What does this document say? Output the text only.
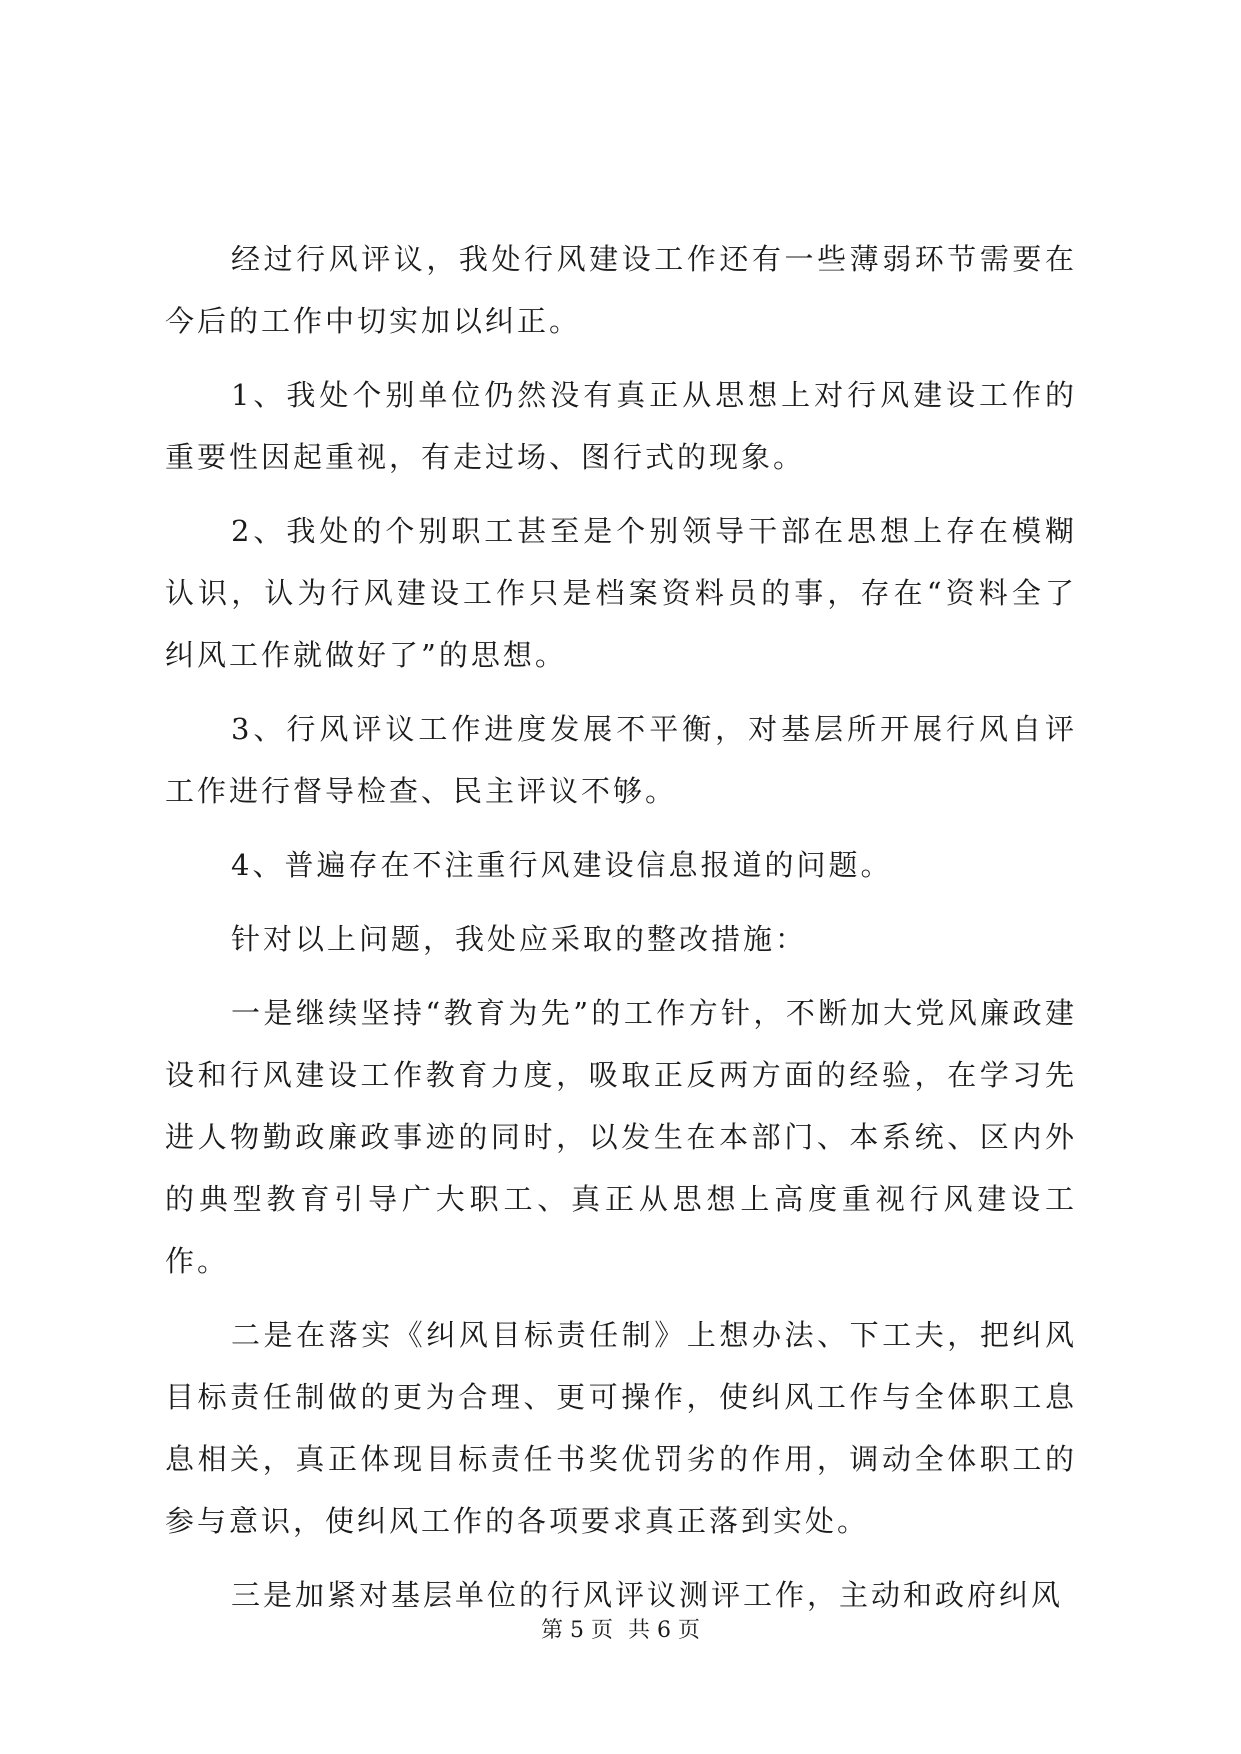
经过行风评议，我处行风建设工作还有一些薄弱环节需要在今后的工作中切实加以纠正。

1、我处个别单位仍然没有真正从思想上对行风建设工作的重要性因起重视，有走过场、图行式的现象。

2、我处的个别职工甚至是个别领导干部在思想上存在模糊认识，认为行风建设工作只是档案资料员的事，存在“资料全了纠风工作就做好了”的思想。

3、行风评议工作进度发展不平衡，对基层所开展行风自评工作进行督导检查、民主评议不够。

4、普遍存在不注重行风建设信息报道的问题。

针对以上问题，我处应采取的整改措施：

一是继续坚持“教育为先”的工作方针，不断加大党风廉政建设和行风建设工作教育力度，吸取正反两方面的经验，在学习先进人物勤政廉政事迹的同时，以发生在本部门、本系统、区内外的典型教育引导广大职工、真正从思想上高度重视行风建设工作。

二是在落实《纠风目标责任制》上想办法、下工夫，把纠风目标责任制做的更为合理、更可操作，使纠风工作与全体职工息息相关，真正体现目标责任书奖优罚劣的作用，调动全体职工的参与意识，使纠风工作的各项要求真正落到实处。

三是加紧对基层单位的行风评议测评工作，主动和政府纠风

第 5 页 共 6 页
